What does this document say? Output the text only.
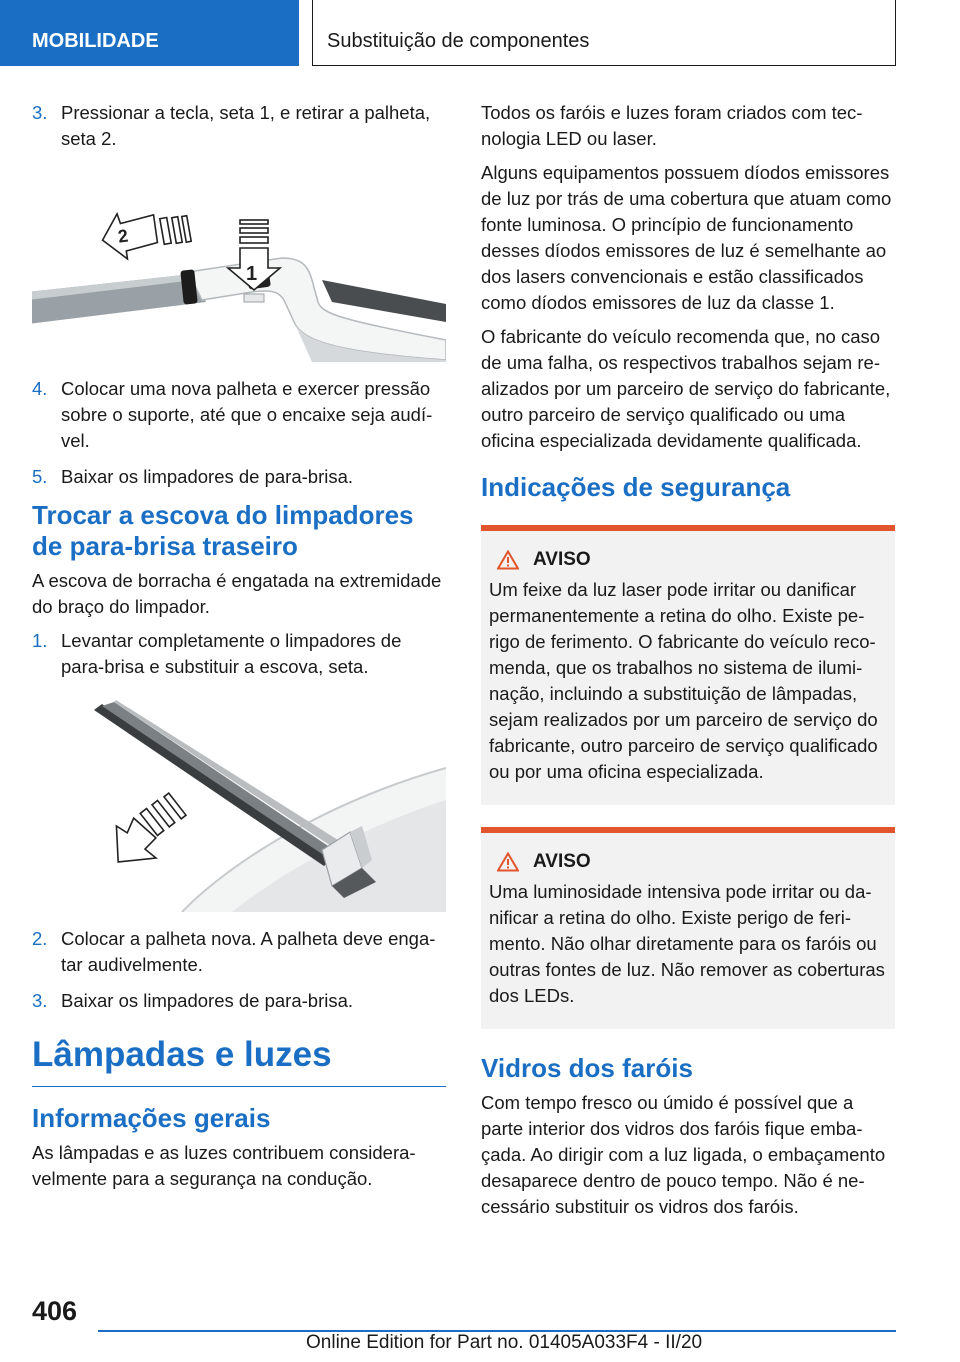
MOBILIDADE	Substituição de componentes
3. Pressionar a tecla, seta 1, e retirar a palheta, seta 2.
1
2
4. Colocar uma nova palheta e exercer pressão sobre o suporte, até que o encaixe seja audível.
5. Baixar os limpadores de para-brisa.
Trocar a escova do limpadores de para-brisa traseiro

A escova de borracha é engatada na extremidade do braço do limpador.

1. Levantar completamente o limpadores de para-brisa e substituir a escova, seta.
2. Colocar a palheta nova. A palheta deve engatar audivelmente.
3. Baixar os limpadores de para-brisa.
Lâmpadas e luzes
Informações gerais

As lâmpadas e as luzes contribuem consideravelmente para a segurança na condução.

Todos os faróis e luzes foram criados com tecnologia LED ou laser.

Alguns equipamentos possuem díodos emissores de luz por trás de uma cobertura que atuam como fonte luminosa. O princípio de funcionamento desses díodos emissores de luz é semelhante ao dos lasers convencionais e estão classificados como díodos emissores de luz da classe 1.

O fabricante do veículo recomenda que, no caso de uma falha, os respectivos trabalhos sejam realizados por um parceiro de serviço do fabricante, outro parceiro de serviço qualificado ou uma oficina especializada devidamente qualificada.

Indicações de segurança
AVISO
Um feixe da luz laser pode irritar ou danificar permanentemente a retina do olho. Existe perigo de ferimento. O fabricante do veículo recomenda, que os trabalhos no sistema de iluminação, incluindo a substituição de lâmpadas, sejam realizados por um parceiro de serviço do fabricante, outro parceiro de serviço qualificado ou por uma oficina especializada.
AVISO
Uma luminosidade intensiva pode irritar ou danificar a retina do olho. Existe perigo de ferimento. Não olhar diretamente para os faróis ou outras fontes de luz. Não remover as coberturas dos LEDs.
Vidros dos faróis

Com tempo fresco ou úmido é possível que a parte interior dos vidros dos faróis fique embaçada. Ao dirigir com a luz ligada, o embaçamento desaparece dentro de pouco tempo. Não é necessário substituir os vidros dos faróis.

406
Online Edition for Part no. 01405A033F4 - II/20
